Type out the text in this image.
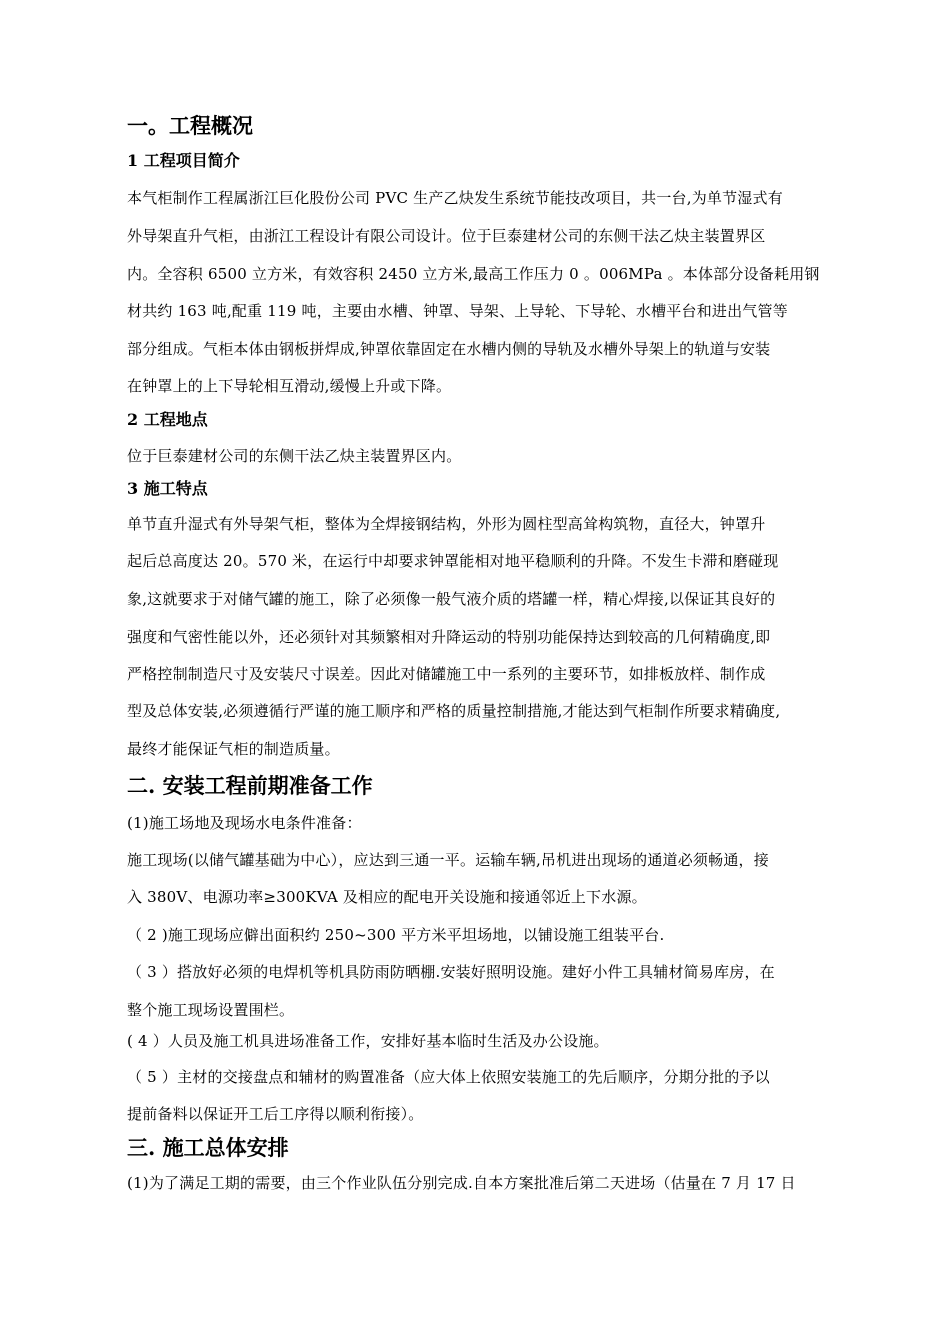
一。工程概况
1 工程项目简介
本气柜制作工程属浙江巨化股份公司 PVC 生产乙炔发生系统节能技改项目，共一台,为单节湿式有
外导架直升气柜，由浙江工程设计有限公司设计。位于巨泰建材公司的东侧干法乙炔主装置界区
内。全容积 6500 立方米，有效容积 2450 立方米,最高工作压力 0 。006MPa 。本体部分设备耗用钢
材共约 163 吨,配重 119 吨，主要由水槽、钟罩、导架、上导轮、下导轮、水槽平台和进出气管等
部分组成。气柜本体由钢板拼焊成,钟罩依靠固定在水槽内侧的导轨及水槽外导架上的轨道与安装
在钟罩上的上下导轮相互滑动,缓慢上升或下降。
2 工程地点
位于巨泰建材公司的东侧干法乙炔主装置界区内。
3 施工特点
单节直升湿式有外导架气柜，整体为全焊接钢结构，外形为圆柱型高耸构筑物，直径大，钟罩升
起后总高度达 20。570 米，在运行中却要求钟罩能相对地平稳顺利的升降。不发生卡滞和磨碰现
象,这就要求于对储气罐的施工，除了必须像一般气液介质的塔罐一样，精心焊接,以保证其良好的
强度和气密性能以外，还必须针对其频繁相对升降运动的特别功能保持达到较高的几何精确度,即
严格控制制造尺寸及安装尺寸误差。因此对储罐施工中一系列的主要环节，如排板放样、制作成
型及总体安装,必须遵循行严谨的施工顺序和严格的质量控制措施,才能达到气柜制作所要求精确度,
最终才能保证气柜的制造质量。
二. 安装工程前期准备工作
(1)施工场地及现场水电条件准备：
施工现场(以储气罐基础为中心），应达到三通一平。运输车辆,吊机进出现场的通道必须畅通，接
入 380V、电源功率≥300KVA 及相应的配电开关设施和接通邻近上下水源。
（ 2 )施工现场应僻出面积约 250~300 平方米平坦场地，以铺设施工组装平台.
（ 3 ）搭放好必须的电焊机等机具防雨防晒棚.安装好照明设施。建好小件工具辅材简易库房，在
整个施工现场设置围栏。
( 4 ）人员及施工机具进场准备工作，安排好基本临时生活及办公设施。
（ 5 ）主材的交接盘点和辅材的购置准备（应大体上依照安装施工的先后顺序，分期分批的予以
提前备料以保证开工后工序得以顺利衔接）。
三. 施工总体安排
(1)为了满足工期的需要，由三个作业队伍分别完成.自本方案批准后第二天进场（估量在 7 月 17 日
